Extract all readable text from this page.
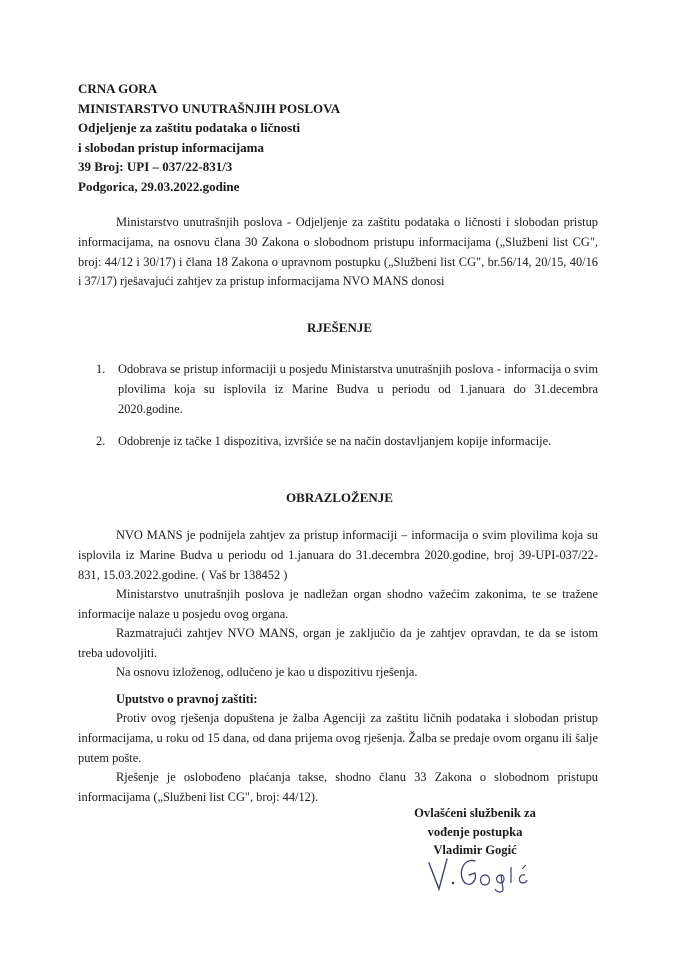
CRNA GORA
MINISTARSTVO UNUTRAŠNJIH POSLOVA
Odjeljenje za zaštitu podataka o ličnosti
i slobodan pristup informacijama
39 Broj: UPI – 037/22-831/3
Podgorica, 29.03.2022.godine
Ministarstvo unutrašnjih poslova - Odjeljenje za zaštitu podataka o ličnosti i slobodan pristup informacijama, na osnovu člana 30 Zakona o slobodnom pristupu informacijama („Službeni list CG", broj: 44/12 i 30/17) i člana 18 Zakona o upravnom postupku („Službeni list CG", br.56/14, 20/15, 40/16 i 37/17) rješavajući zahtjev za pristup informacijama NVO MANS donosi
RJEŠENJE
1. Odobrava se pristup informaciji u posjedu Ministarstva unutrašnjih poslova - informacija o svim plovilima koja su isplovila iz Marine Budva u periodu od 1.januara do 31.decembra 2020.godine.
2. Odobrenje iz tačke 1 dispozitiva, izvršiće se na način dostavljanjem kopije informacije.
OBRAZLOŽENJE
NVO MANS je podnijela zahtjev za pristup informaciji – informacija o svim plovilima koja su isplovila iz Marine Budva u periodu od 1.januara do 31.decembra 2020.godine, broj 39-UPI-037/22-831, 15.03.2022.godine. ( Vaš br 138452 )
Ministarstvo unutrašnjih poslova je nadležan organ shodno važećim zakonima, te se tražene informacije nalaze u posjedu ovog organa.
Razmatrajući zahtjev NVO MANS, organ je zaključio da je zahtjev opravdan, te da se istom treba udovoljiti.
Na osnovu izloženog, odlučeno je kao u dispozitivu rješenja.
Uputstvo o pravnoj zaštiti:
Protiv ovog rješenja dopuštena je žalba Agenciji za zaštitu ličnih podataka i slobodan pristup informacijama, u roku od 15 dana, od dana prijema ovog rješenja. Žalba se predaje ovom organu ili šalje putem pošte.
Rješenje je oslobođeno plaćanja takse, shodno članu 33 Zakona o slobodnom pristupu informacijama („Službeni list CG", broj: 44/12).
Ovlašćeni službenik za
vođenje postupka
Vladimir Gogić
